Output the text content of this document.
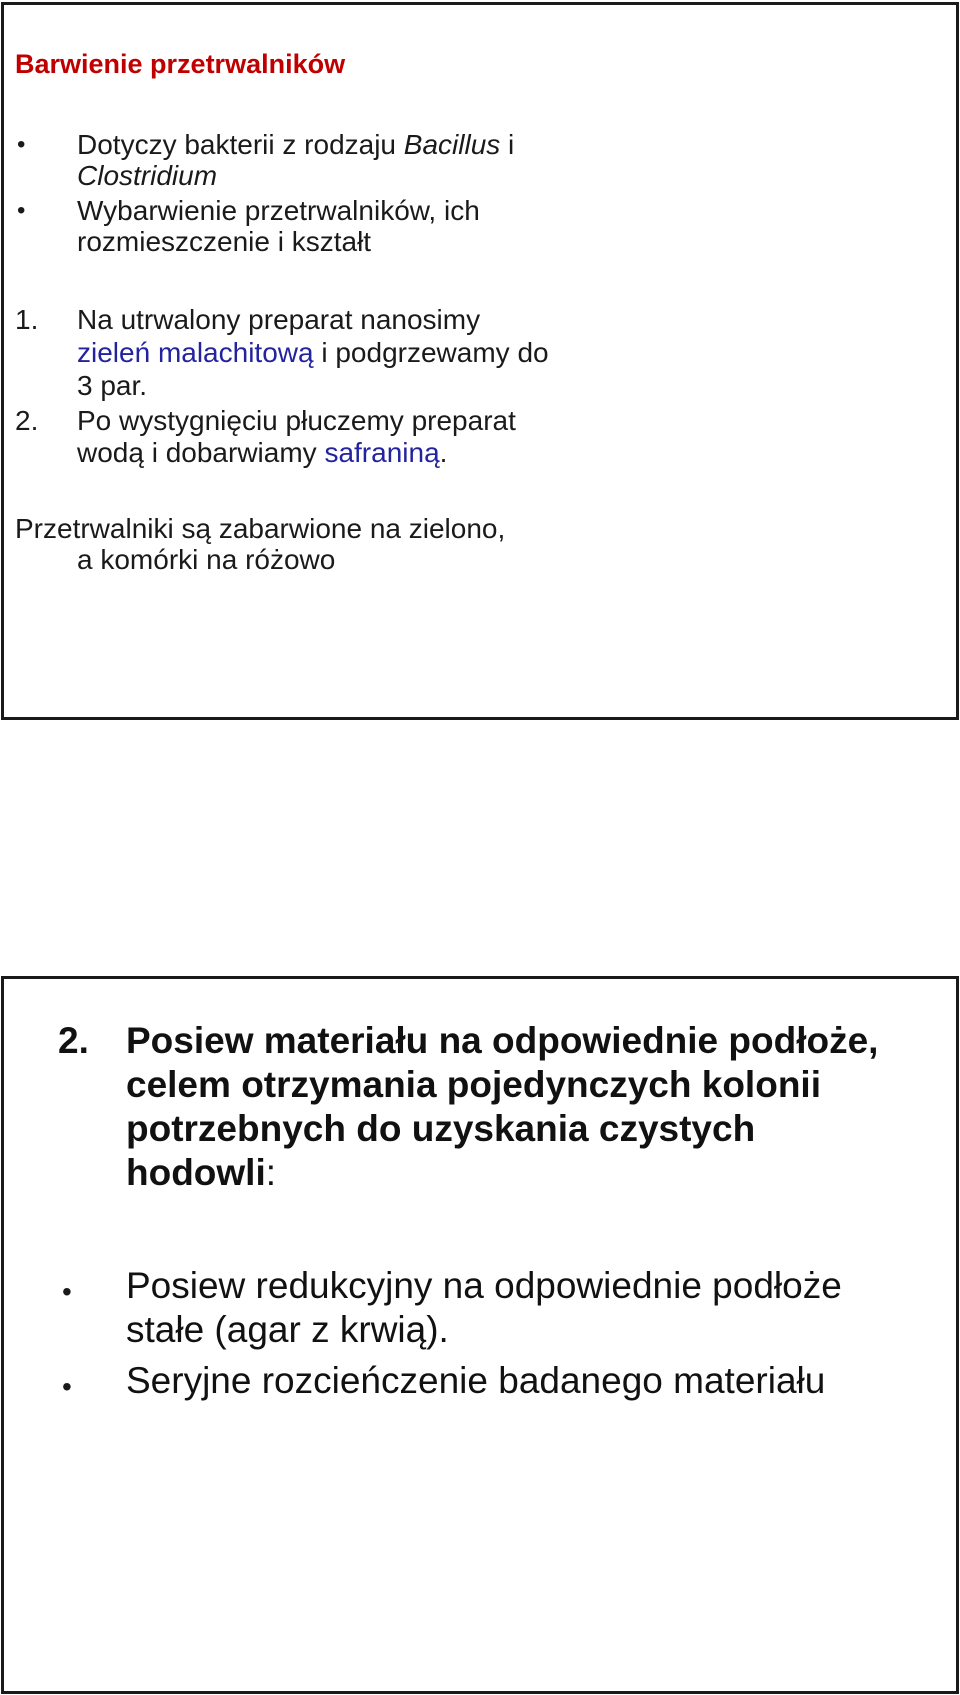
Barwienie przetrwalników
• Dotyczy bakterii z rodzaju Bacillus i
Clostridium
• Wybarwienie przetrwalników, ich
rozmieszczenie i kształt
1. Na utrwalony preparat nanosimy
zieleń malachitową i podgrzewamy do
3 par.
2. Po wystygnięciu płuczemy preparat
wodą i dobarwiamy safraniną.
Przetrwalniki są zabarwione na zielono,
a komórki na różowo
2. Posiew materiału na odpowiednie podłoże,
celem otrzymania pojedynczych kolonii
potrzebnych do uzyskania czystych
hodowli:
• Posiew redukcyjny na odpowiednie podłoże
stałe (agar z krwią).
• Seryjne rozcieńczenie badanego materiału
